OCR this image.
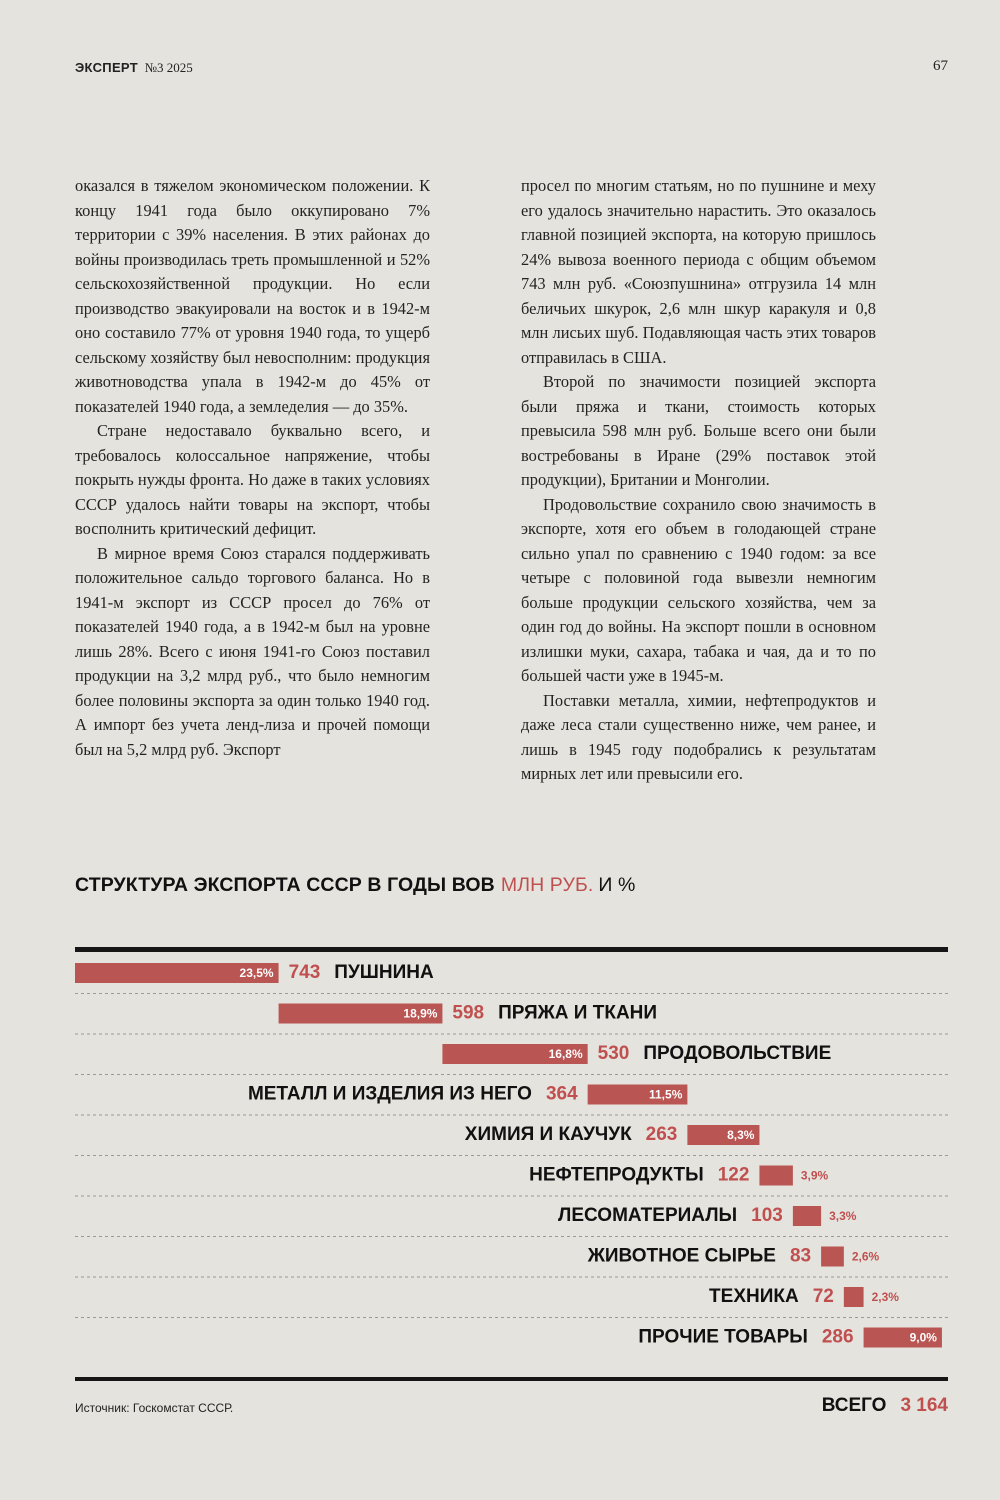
ЭКСПЕРТ №3 2025	67

оказался в тяжелом экономическом положении. К концу 1941 года было оккупировано 7% территории с 39% населения. В этих районах до войны производилась треть промышленной и 52% сельскохозяйственной продукции. Но если производство эвакуировали на восток и в 1942-м оно составило 77% от уровня 1940 года, то ущерб сельскому хозяйству был невосполним: продукция животноводства упала в 1942-м до 45% от показателей 1940 года, а земледелия — до 35%.

Стране недоставало буквально всего, и требовалось колоссальное напряжение, чтобы покрыть нужды фронта. Но даже в таких условиях СССР удалось найти товары на экспорт, чтобы восполнить критический дефицит.

В мирное время Союз старался поддерживать положительное сальдо торгового баланса. Но в 1941-м экспорт из СССР просел до 76% от показателей 1940 года, а в 1942-м был на уровне лишь 28%. Всего с июня 1941-го Союз поставил продукции на 3,2 млрд руб., что было немногим более половины экспорта за один только 1940 год. А импорт без учета ленд-лиза и прочей помощи был на 5,2 млрд руб. Экспорт

просел по многим статьям, но по пушнине и меху его удалось значительно нарастить. Это оказалось главной позицией экспорта, на которую пришлось 24% вывоза военного периода с общим объемом 743 млн руб. «Союзпушнина» отгрузила 14 млн беличьих шкурок, 2,6 млн шкур каракуля и 0,8 млн лисьих шуб. Подавляющая часть этих товаров отправилась в США.

Второй по значимости позицией экспорта были пряжа и ткани, стоимость которых превысила 598 млн руб. Больше всего они были востребованы в Иране (29% поставок этой продукции), Британии и Монголии.

Продовольствие сохранило свою значимость в экспорте, хотя его объем в голодающей стране сильно упал по сравнению с 1940 годом: за все четыре с половиной года вывезли немногим больше продукции сельского хозяйства, чем за один год до войны. На экспорт пошли в основном излишки муки, сахара, табака и чая, да и то по большей части уже в 1945-м.

Поставки металла, химии, нефтепродуктов и даже леса стали существенно ниже, чем ранее, и лишь в 1945 году подобрались к результатам мирных лет или превысили его.

СТРУКТУРА ЭКСПОРТА СССР В ГОДЫ ВОВ МЛН РУБ. И %
23,5% 743 ПУШНИНА
18,9% 598 ПРЯЖА И ТКАНИ
16,8% 530 ПРОДОВОЛЬСТВИЕ
11,5%
364
МЕТАЛЛ И ИЗДЕЛИЯ ИЗ НЕГО
8,3%
263
ХИМИЯ И КАУЧУК
3,9%
122
НЕФТЕПРОДУКТЫ
3,3%
103
ЛЕСОМАТЕРИАЛЫ
2,6%
83
ЖИВОТНОЕ СЫРЬЕ
2,3%
72
ТЕХНИКА
9,0%
286
ПРОЧИЕ ТОВАРЫ
Источник: Госкомстат СССР.	ВСЕГО 3 164
